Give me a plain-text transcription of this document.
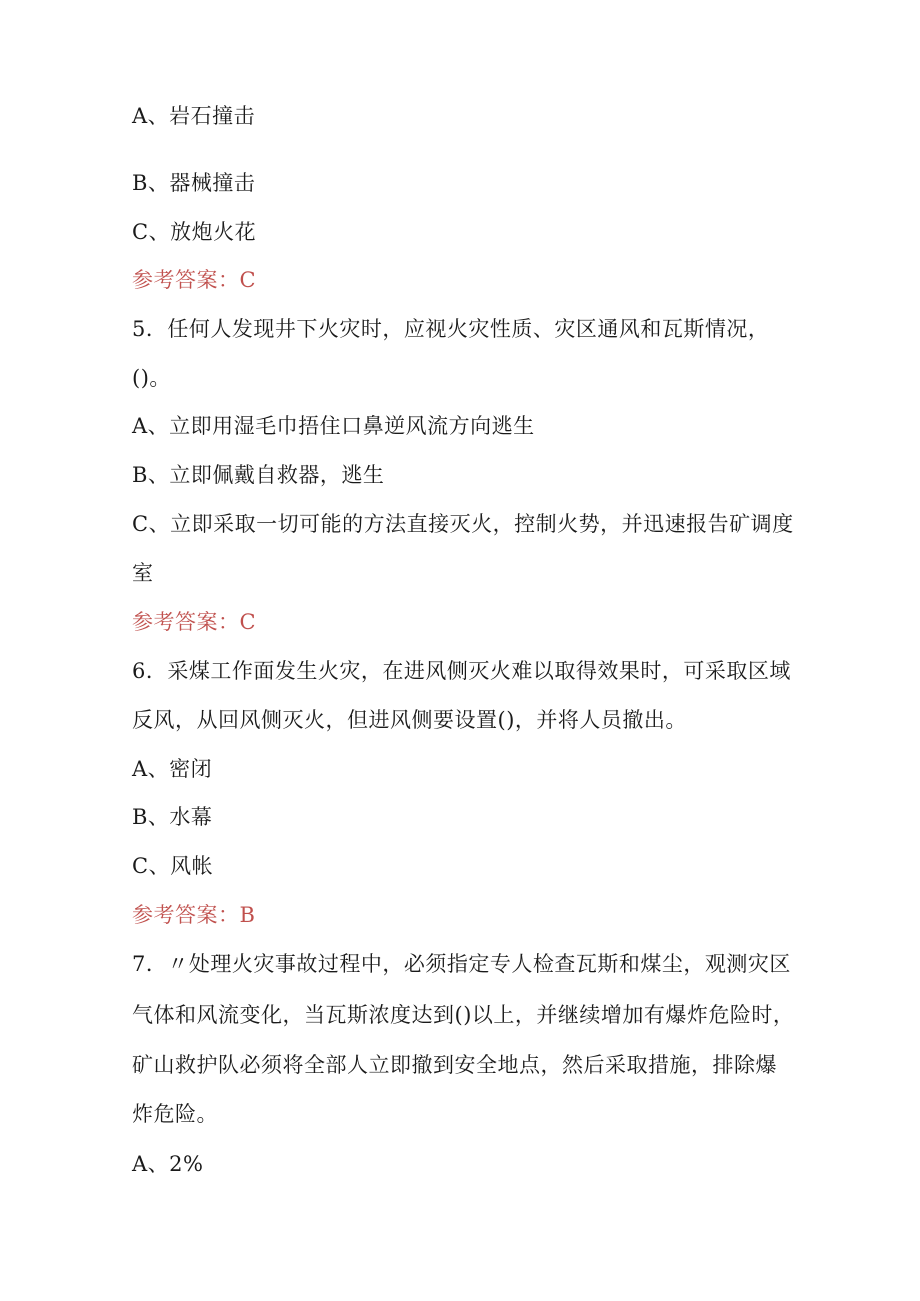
A、岩石撞击
B、器械撞击
C、放炮火花
参考答案：C
5．任何人发现井下火灾时，应视火灾性质、灾区通风和瓦斯情况，
()。
A、立即用湿毛巾捂住口鼻逆风流方向逃生
B、立即佩戴自救器，逃生
C、立即采取一切可能的方法直接灭火，控制火势，并迅速报告矿调度
室
参考答案：C
6．采煤工作面发生火灾，在进风侧灭火难以取得效果时，可采取区域
反风，从回风侧灭火，但进风侧要设置()，并将人员撤出。
A、密闭
B、水幕
C、风帐
参考答案：B
7．〃处理火灾事故过程中，必须指定专人检查瓦斯和煤尘，观测灾区
气体和风流变化，当瓦斯浓度达到()以上，并继续增加有爆炸危险时，
矿山救护队必须将全部人立即撤到安全地点，然后采取措施，排除爆
炸危险。
A、2%
